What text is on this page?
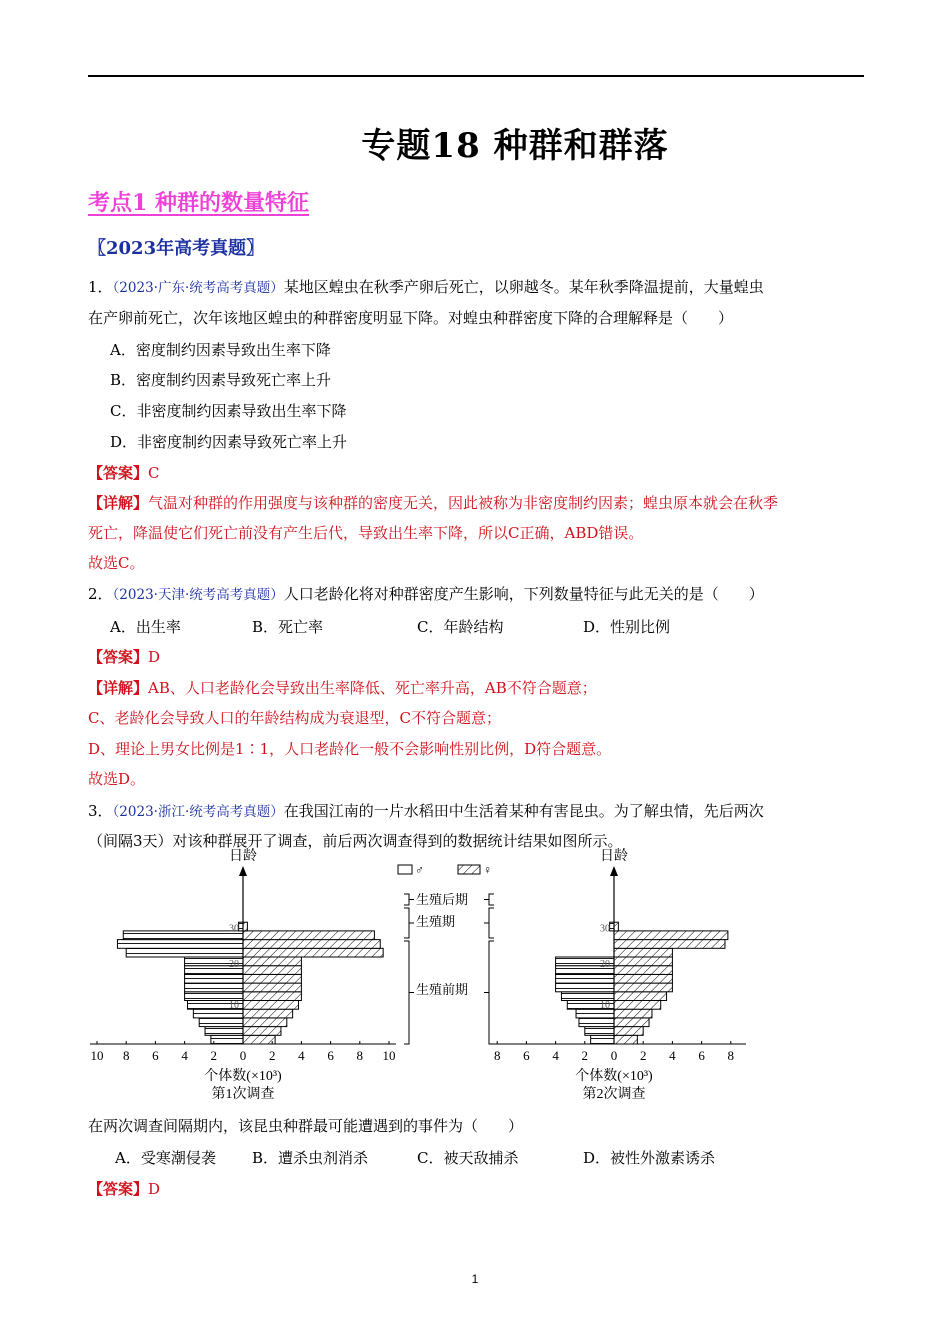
专题18 种群和群落
考点1 种群的数量特征
〖2023年高考真题〗
1．（2023·广东·统考高考真题）某地区蝗虫在秋季产卵后死亡，以卵越冬。某年秋季降温提前，大量蝗虫
在产卵前死亡，次年该地区蝗虫的种群密度明显下降。对蝗虫种群密度下降的合理解释是（　　）
A．密度制约因素导致出生率下降
B．密度制约因素导致死亡率上升
C．非密度制约因素导致出生率下降
D．非密度制约因素导致死亡率上升
【答案】C
【详解】气温对种群的作用强度与该种群的密度无关，因此被称为非密度制约因素；蝗虫原本就会在秋季
死亡，降温使它们死亡前没有产生后代，导致出生率下降，所以C正确，ABD错误。
故选C。
2．（2023·天津·统考高考真题）人口老龄化将对种群密度产生影响，下列数量特征与此无关的是（　　）
A．出生率	B．死亡率	C．年龄结构	D．性别比例
【答案】D
【详解】AB、人口老龄化会导致出生率降低、死亡率升高，AB不符合题意；
C、老龄化会导致人口的年龄结构成为衰退型，C不符合题意；
D、理论上男女比例是1∶1，人口老龄化一般不会影响性别比例，D符合题意。
故选D。
3．（2023·浙江·统考高考真题）在我国江南的一片水稻田中生活着某种有害昆虫。为了解虫情，先后两次
（间隔3天）对该种群展开了调查，前后两次调查得到的数据统计结果如图所示。
日龄
10
20
30
10 8 6 4 2 0 2 4 6 8 10
个体数(×10³)
第1次调查
日龄
10
20
30
8 6 4 2 0 2 4 6 8
个体数(×10³)
第2次调查
♂	♀
生殖后期
生殖期
生殖前期
在两次调查间隔期内，该昆虫种群最可能遭遇到的事件为（　　）
A．受寒潮侵袭 B．遭杀虫剂消杀	C．被天敌捕杀	D．被性外激素诱杀
【答案】D
1
